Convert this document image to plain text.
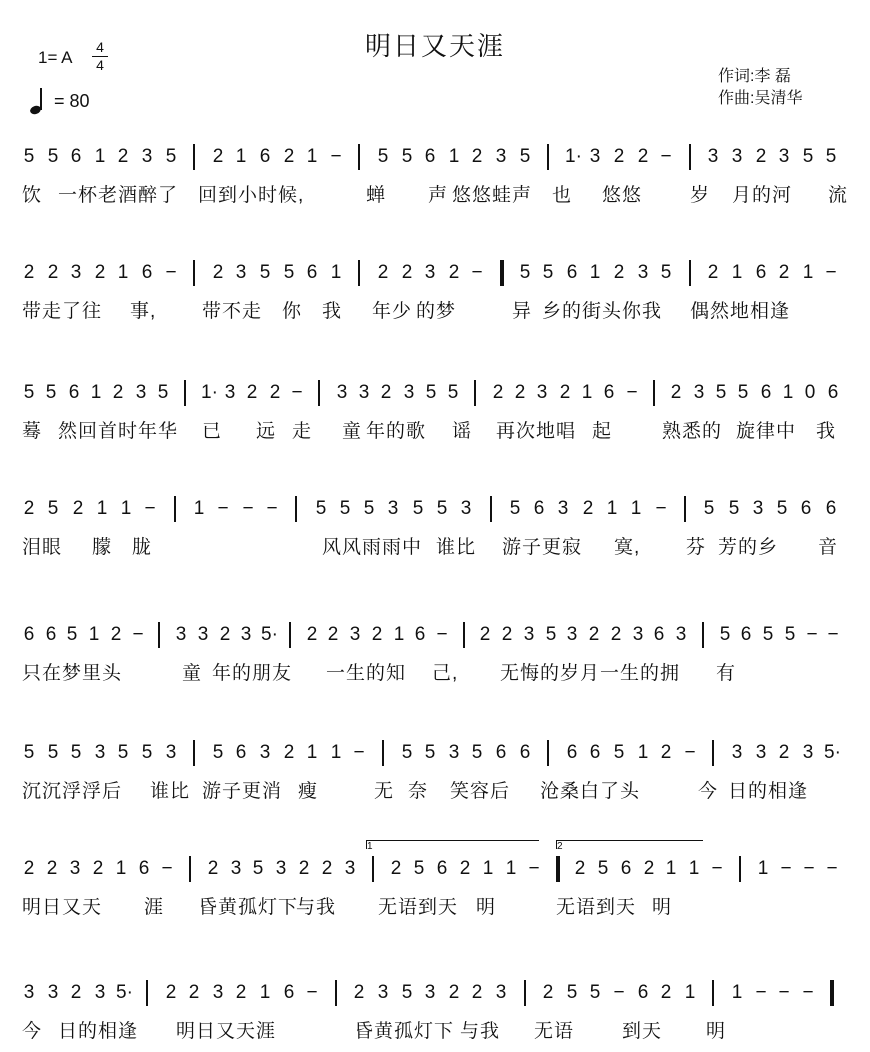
明日又天涯
1= A
4
4
= 80
作词:李 磊
作曲:吴清华
5 5 6 1 2 3 5 2 1 6 2 1 − 5 5 6 1 2 3 5 1· 3 2 2 − 3 3 2 3 5 5
饮 一杯老酒醉了 回到小时候,	蝉 声 悠悠蛙声 也 悠悠	岁 月的河 流
2 2 3 2 1 6 − 2 3 5 5 6 1 2 2 3 2 − 5 5 6 1 2 3 5 2 1 6 2 1 −
带走了往 事, 带不走 你 我 年少 的梦	异 乡的街头你我 偶然地相逢
5 5 6 1 2 3 5 1· 3 2 2 − 3 3 2 3 5 5 2 2 3 2 1 6 − 2 3 5 5 6 1 0 6
蓦 然回首时年华 已 远 走 童 年的歌 谣 再次地唱 起	熟悉的 旋律中 我
2 5 2 1 1 − 1 − − − 5 5 5 3 5 5 3 5 6 3 2 1 1 − 5 5 3 5 6 6
泪眼 朦 胧	风风雨雨中 谁比 游子更寂 寞, 芬 芳的乡 音
6 6 5 1 2 − 3 3 2 3 5· 2 2 3 2 1 6 − 2 2 3 5 3 2 2 3 6 3 5 6 5 5 − −
只在梦里头	童 年的朋友 一生的知 己, 无悔的岁月一生的拥 有
5 5 5 3 5 5 3 5 6 3 2 1 1 − 5 5 3 5 6 6 6 6 5 1 2 − 3 3 2 3 5·
沉沉浮浮后 谁比 游子更消 瘦	无 奈 笑容后 沧桑白了头	今 日的相逢
2 2 3 2 1 6 − 2 3 5 3 2 2 3 2 5 6 2 1 1 − 2 5 6 2 1 1 − 1 − − −
明日又天 涯 昏黄孤灯下
与我 无语到天 明	无语到天 明
1	2
3 3 2 3 5· 2 2 3 2 1 6 − 2 3 5 3 2 2 3 2 5 5 − 6 2 1 1 − − −
今 日的相逢 明日又天 涯	昏黄孤灯下 与我 无语	到天 明
